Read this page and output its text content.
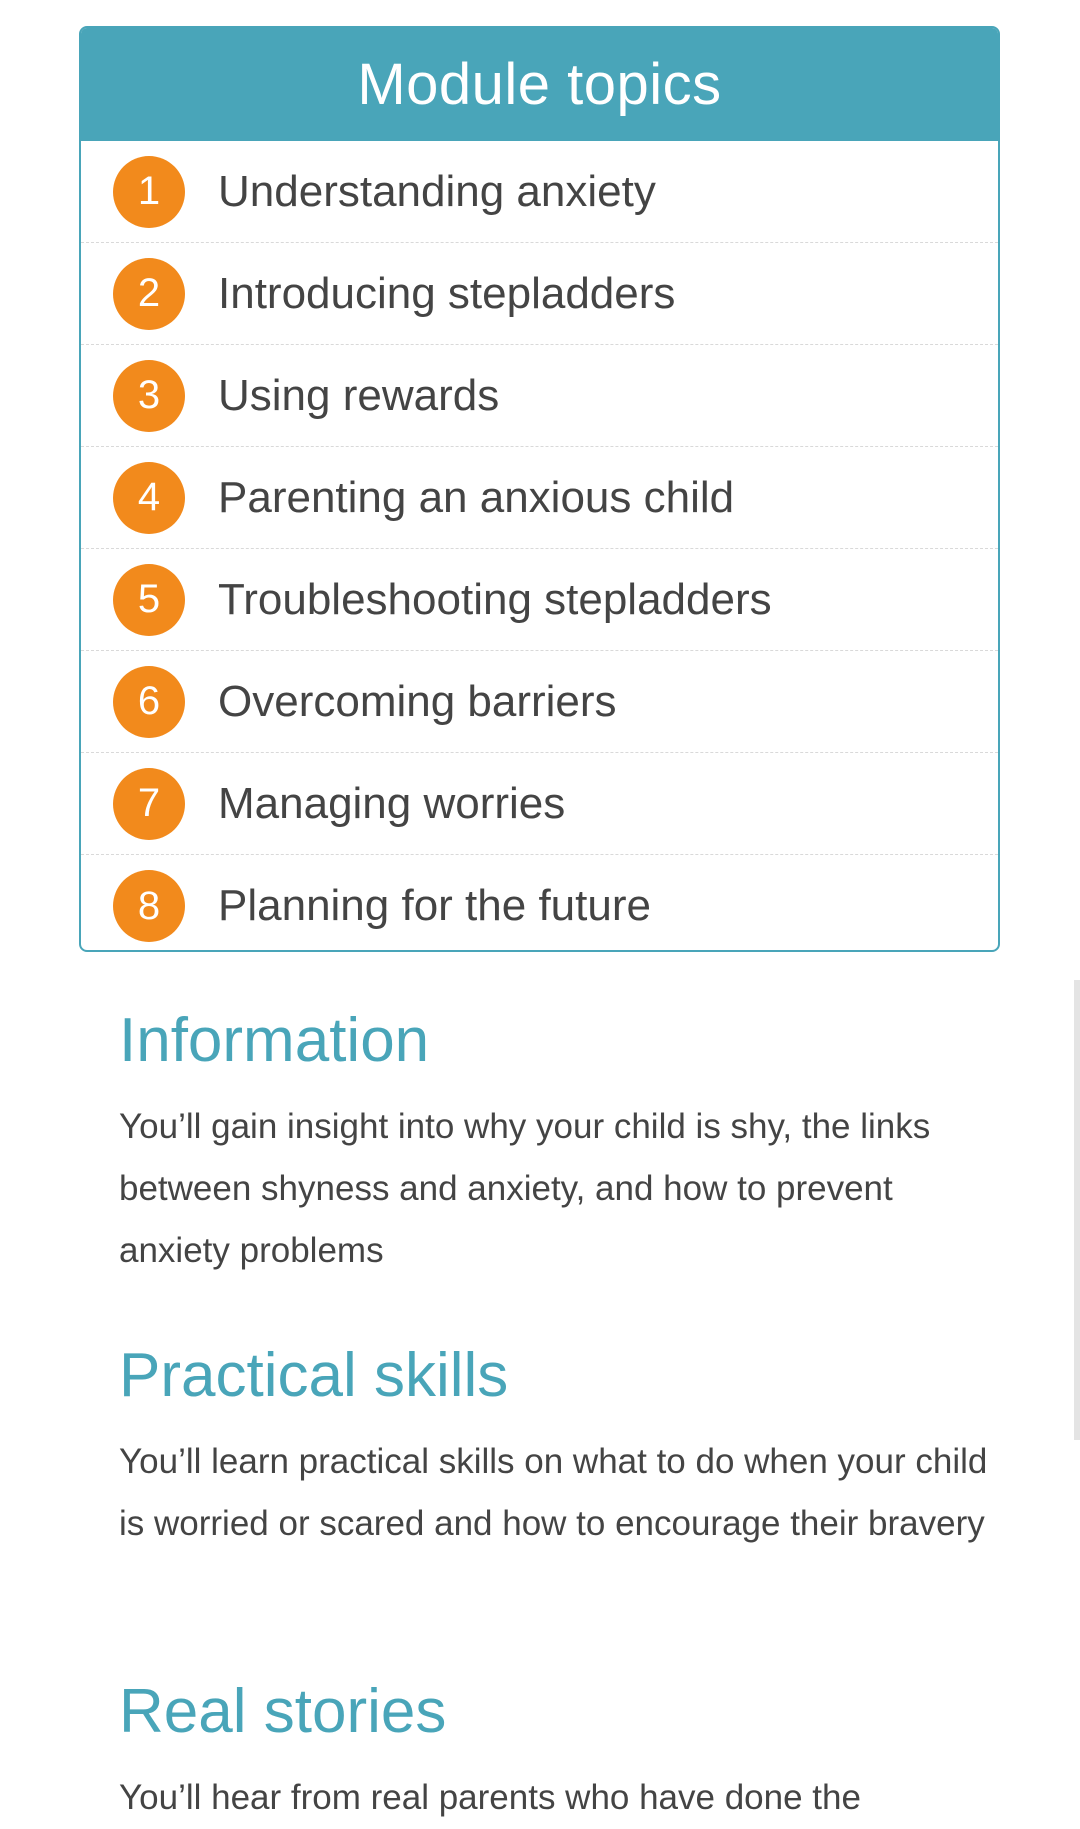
Module topics
1	Understanding anxiety
2	Introducing stepladders
3	Using rewards
4	Parenting an anxious child
5	Troubleshooting stepladders
6	Overcoming barriers
7	Managing worries
8	Planning for the future
Information

You’ll gain insight into why your child is shy, the links between shyness and anxiety, and how to prevent anxiety problems

Practical skills

You’ll learn practical skills on what to do when your child is worried or scared and how to encourage their bravery

Real stories

You’ll hear from real parents who have done the
